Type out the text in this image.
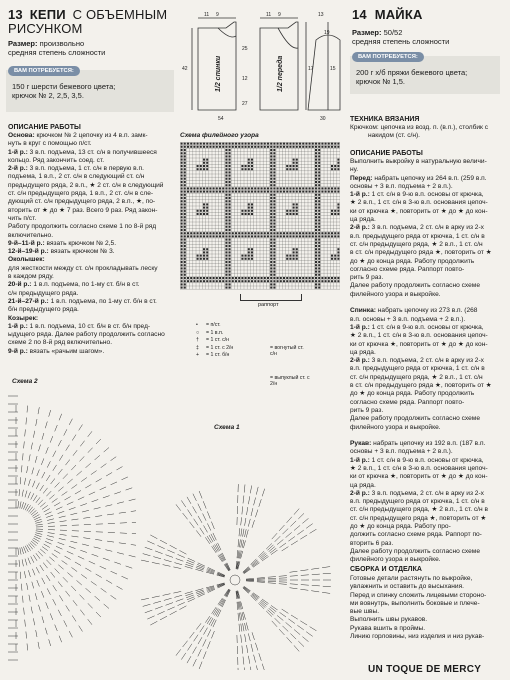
13 КЕПИ С ОБЪЕМНЫМ
РИСУНКОМ
Размер: произвольно
средняя степень сложности
ВАМ ПОТРЕБУЕТСЯ:
150 г шерсти бежевого цвета;
крючок № 2, 2,5, 3,5.
ОПИСАНИЕ РАБОТЫ
Основа: крючком № 2 цепочку из 4 в.п. замк-
нуть в круг с помощью п/ст.
1-й р.: 3 в.п. подъема, 13 ст. с/н в получившееся
кольцо. Ряд закончить соед. ст.
2-й р.: 3 в.п. подъема, 1 ст. с/н в первую в.п.
подъема, 1 в.п., 2 ст. с/н в следующий ст. с/н
предыдущего ряда, 2 в.п., ★ 2 ст. с/н в следующий
ст. с/н предыдущего ряда, 1 в.п., 2 ст. с/н в сле-
дующий ст. с/н предыдущего ряда, 2 в.п., ★, по-
вторить от ★ до ★ 7 раз. Всего 9 раз. Ряд закон-
чить п/ст.
Работу продолжить согласно схеме 1 по 8-й ряд
включительно.
9-й–11-й р.: вязать крючком № 2,5.
12-й–19-й р.: вязать крючком № 3.
Околышек:
для жесткости между ст. с/н прокладывать леску
в каждом ряду.
20-й р.: 1 в.п. подъема, по 1-му ст. б/н в ст.
с/н предыдущего ряда.
21-й–27-й р.: 1 в.п. подъема, по 1-му ст. б/н в ст.
б/н предыдущего ряда.
Козырек:
1-й р.: 1 в.п. подъема, 10 ст. б/н в ст. б/н пред-
ыдущего ряда. Далее работу продолжить согласно
схеме 2 по 8-й ряд включительно.
9-й р.: вязать «рачьим шагом».
1/2 спинки	1/2 переда
11 9	11 9	13
25
12
42
27
54
17	15
19
30
Схема филейного узора
раппорт
• = п/ст.
○ = 1 в.п.
† = 1 ст. с/н
‡ = 1 ст. с 2/н
+ = 1 ст. б/н
= вогнутый ст. с/н
= выпуклый ст. с 2/н
Схема 2
Схема 1
14 МАЙКА
Размер: 50/52
средняя степень сложности
ВАМ ПОТРЕБУЕТСЯ:
200 г х/б пряжи бежевого цвета;
крючок № 1,5.
ТЕХНИКА ВЯЗАНИЯ
Крючком: цепочка из возд. п. (в.п.), столбик с
накидом (ст. с/н).
ОПИСАНИЕ РАБОТЫ
Выполнить выкройку в натуральную величи-
ну.
Перед: набрать цепочку из 264 в.п. (259 в.п.
основы + 3 в.п. подъема + 2 в.п.).
1-й р.: 1 ст. с/н в 9-ю в.п. основы от крючка,
★ 2 в.п., 1 ст. с/н в 3-ю в.п. основания цепоч-
ки от крючка ★, повторить от ★ до ★ до кон-
ца ряда.
2-й р.: 3 в.п. подъема, 2 ст. с/н в арку из 2-х
в.п. предыдущего ряда от крючка, 1 ст. с/н в
ст. с/н предыдущего ряда, ★ 2 в.п., 1 ст. с/н
в ст. с/н предыдущего ряда ★, повторить от ★
до ★ до конца ряда. Работу продолжить
согласно схеме ряда. Раппорт повто-
рить 9 раз.
Далее работу продолжить согласно схеме
филейного узора и выкройке.
Спинка: набрать цепочку из 273 в.п. (268
в.п. основы + 3 в.п. подъема + 2 в.п.).
1-й р.: 1 ст. с/н в 9-ю в.п. основы от крючка,
★ 2 в.п., 1 ст. с/н в 3-ю в.п. основания цепоч-
ки от крючка ★, повторить от ★ до ★ до кон-
ца ряда.
2-й р.: 3 в.п. подъема, 2 ст. с/н в арку из 2-х
в.п. предыдущего ряда от крючка, 1 ст. с/н в
ст. с/н предыдущего ряда, ★ 2 в.п., 1 ст. с/н
в ст. с/н предыдущего ряда ★, повторить от ★
до ★ до конца ряда. Работу продолжить
согласно схеме ряда. Раппорт повто-
рить 9 раз.
Далее работу продолжить согласно схеме
филейного узора и выкройке.
Рукав: набрать цепочку из 192 в.п. (187 в.п.
основы + 3 в.п. подъема + 2 в.п.).
1-й р.: 1 ст. с/н в 9-ю в.п. основы от крючка,
★ 2 в.п., 1 ст. с/н в 3-ю в.п. основания цепоч-
ки от крючка ★, повторить от ★ до ★ до кон-
ца ряда.
2-й р.: 3 в.п. подъема, 2 ст. с/н в арку из 2-х
в.п. предыдущего ряда от крючка, 1 ст. с/н в
ст. с/н предыдущего ряда, ★ 2 в.п., 1 ст. с/н в
ст. с/н предыдущего ряда ★, повторить от ★
до ★ до конца ряда. Работу про-
должить согласно схеме ряда. Раппорт по-
вторить 6 раз.
Далее работу продолжить согласно схеме
филейного узора и выкройке.
СБОРКА И ОТДЕЛКА
Готовые детали растянуть по выкройке,
увлажнить и оставить до высыхания.
Перед и спинку сложить лицевыми стороно-
ми вовнутрь, выполнить боковые и плече-
вые швы.
Выполнить швы рукавов.
Рукава вшить в проймы.
Линию горловины, низ изделия и низ рукав-
UN TOQUE DE MERCY
